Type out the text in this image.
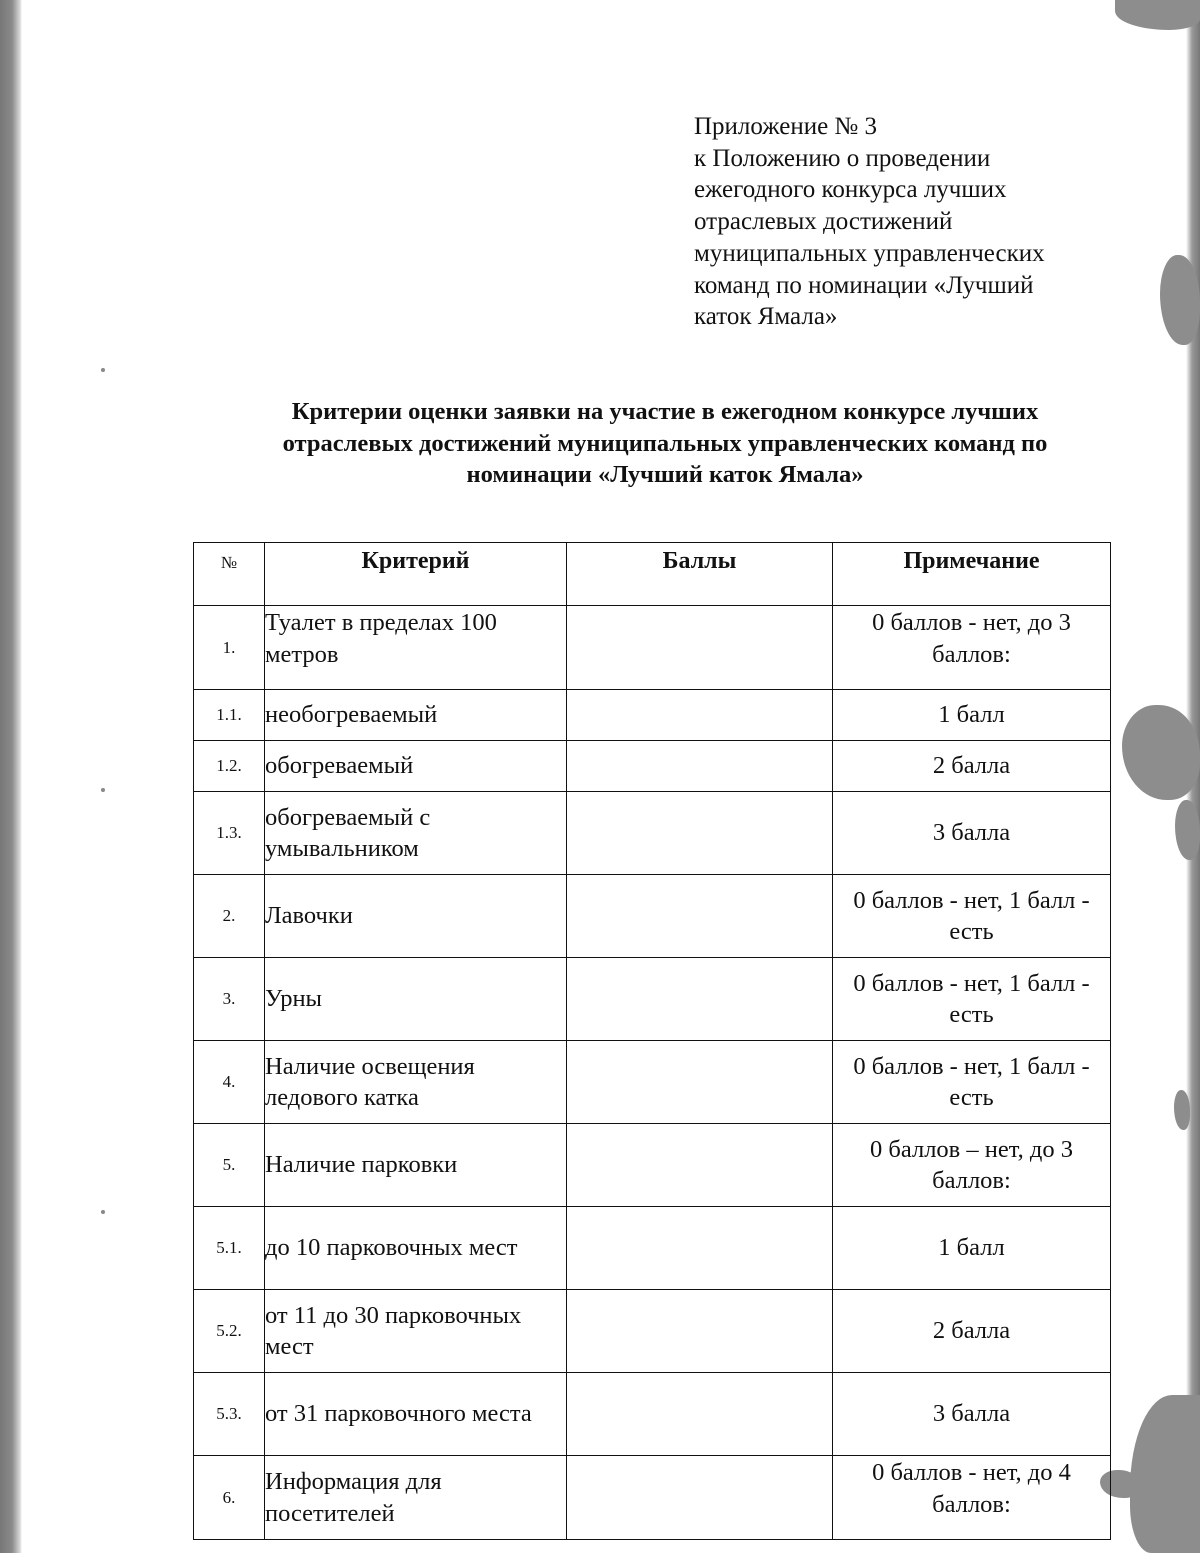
Приложение № 3
к Положению о проведении
ежегодного конкурса лучших
отраслевых достижений
муниципальных управленческих
команд по номинации «Лучший
каток Ямала»
Критерии оценки заявки на участие в ежегодном конкурсе лучших
отраслевых достижений муниципальных управленческих команд по
номинации «Лучший каток Ямала»
№	Критерий	Баллы	Примечание
1.	Туалет в пределах 100 метров		0 баллов - нет, до 3 баллов:
1.1.	необогреваемый		1 балл
1.2.	обогреваемый		2 балла
1.3.	обогреваемый с умывальником		3 балла
2.	Лавочки		0 баллов - нет, 1 балл - есть
3.	Урны		0 баллов - нет, 1 балл - есть
4.	Наличие освещения ледового катка		0 баллов - нет, 1 балл - есть
5.	Наличие парковки		0 баллов – нет, до 3 баллов:
5.1.	до 10 парковочных мест		1 балл
5.2.	от 11 до 30 парковочных мест		2 балла
5.3.	от 31 парковочного места		3 балла
6.	Информация для посетителей		0 баллов - нет, до 4 баллов:
